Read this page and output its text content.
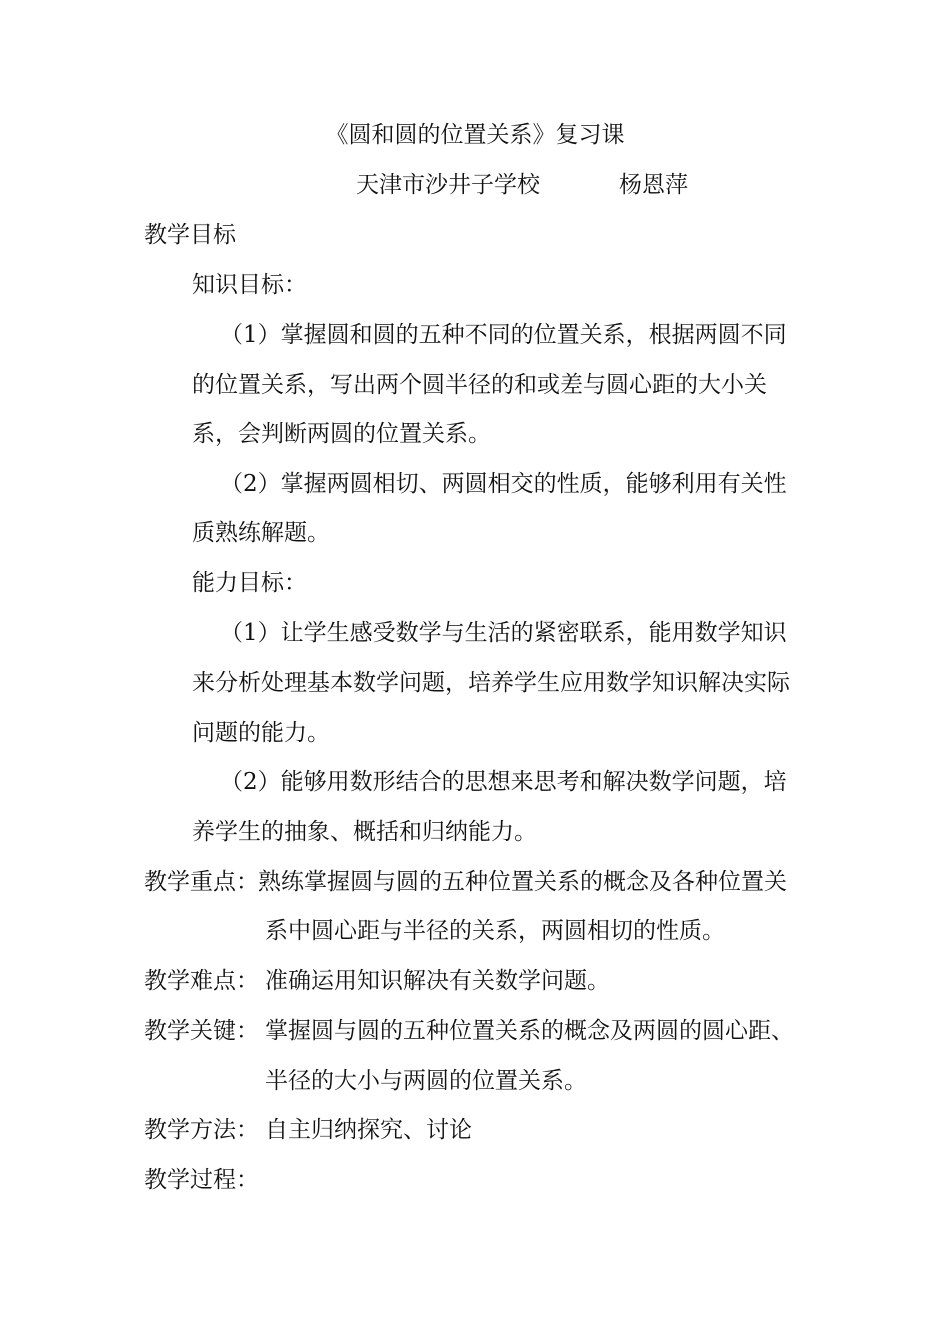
《圆和圆的位置关系》复习课
天津市沙井子学校	杨恩萍
教学目标
知识目标：
（1）掌握圆和圆的五种不同的位置关系，根据两圆不同
的位置关系，写出两个圆半径的和或差与圆心距的大小关
系，会判断两圆的位置关系。
（2）掌握两圆相切、两圆相交的性质，能够利用有关性
质熟练解题。
能力目标：
（1）让学生感受数学与生活的紧密联系，能用数学知识
来分析处理基本数学问题，培养学生应用数学知识解决实际
问题的能力。
（2）能够用数形结合的思想来思考和解决数学问题，培
养学生的抽象、概括和归纳能力。
教学重点： 熟练掌握圆与圆的五种位置关系的概念及各种位置关
系中圆心距与半径的关系，两圆相切的性质。
教学难点： 准确运用知识解决有关数学问题。
教学关键： 掌握圆与圆的五种位置关系的概念及两圆的圆心距、
半径的大小与两圆的位置关系。
教学方法： 自主归纳探究、讨论
教学过程：
